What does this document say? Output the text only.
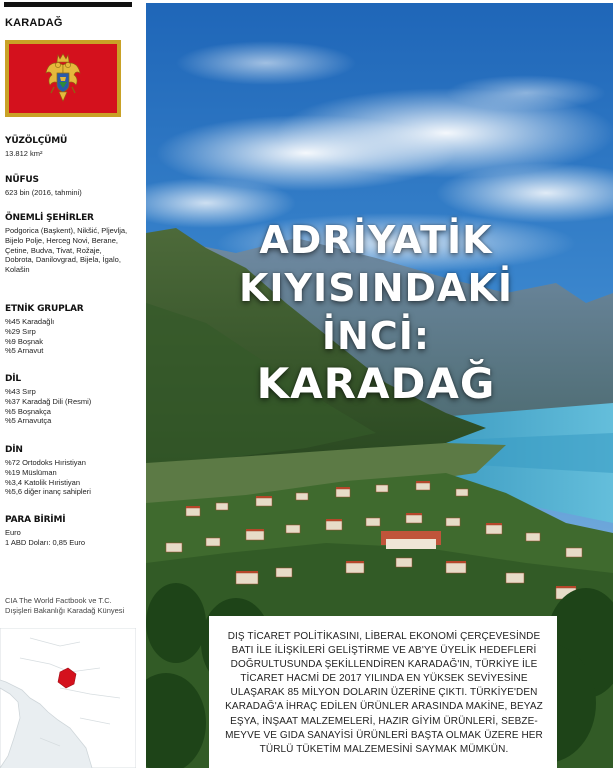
KARADAĞ
YÜZÖLÇÜMÜ
13.812 km²
NÜFUS
623 bin (2016, tahmini)
ÖNEMLİ ŞEHİRLER
Podgorica (Başkent), Nikšić, Pljevlja, Bijelo Polje, Herceg Novi, Berane, Çetine, Budva, Tivat, Rožaje, Dobrota, Danilovgrad, Bijela, İgalo, Kolašin
ETNİK GRUPLAR
%45 Karadağlı
%29 Sırp
%9 Boşnak
%5 Arnavut
DİL
%43 Sırp
%37 Karadağ Dili (Resmi)
%5 Boşnakça
%5 Arnavutça
DİN
%72 Ortodoks Hıristiyan
%19 Müslüman
%3,4 Katolik Hıristiyan
%5,6 diğer inanç sahipleri
PARA BİRİMİ
Euro
1 ABD Doları: 0,85 Euro
CIA The World Factbook ve T.C. Dışişleri Bakanlığı Karadağ Künyesi
ADRİYATİK
KIYISINDAKİ
İNCİ:
KARADAĞ
DIŞ TİCARET POLİTİKASINI, LİBERAL EKONOMİ ÇERÇEVESİNDE BATI İLE İLİŞKİLERİ GELİŞTİRME VE AB'YE ÜYELİK HEDEFLERİ DOĞRULTUSUNDA ŞEKİLLENDİREN KARADAĞ'IN, TÜRKİYE İLE TİCARET HACMİ DE 2017 YILINDA EN YÜKSEK SEVİYESİNE ULAŞARAK 85 MİLYON DOLARIN ÜZERİNE ÇIKTI. TÜRKİYE'DEN KARADAĞ'A İHRAÇ EDİLEN ÜRÜNLER ARASINDA MAKİNE, BEYAZ EŞYA, İNŞAAT MALZEMELERİ, HAZIR GİYİM ÜRÜNLERİ, SEBZE-MEYVE VE GIDA SANAYİSİ ÜRÜNLERİ BAŞTA OLMAK ÜZERE HER TÜRLÜ TÜKETİM MALZEMESİNİ SAYMAK MÜMKÜN.
